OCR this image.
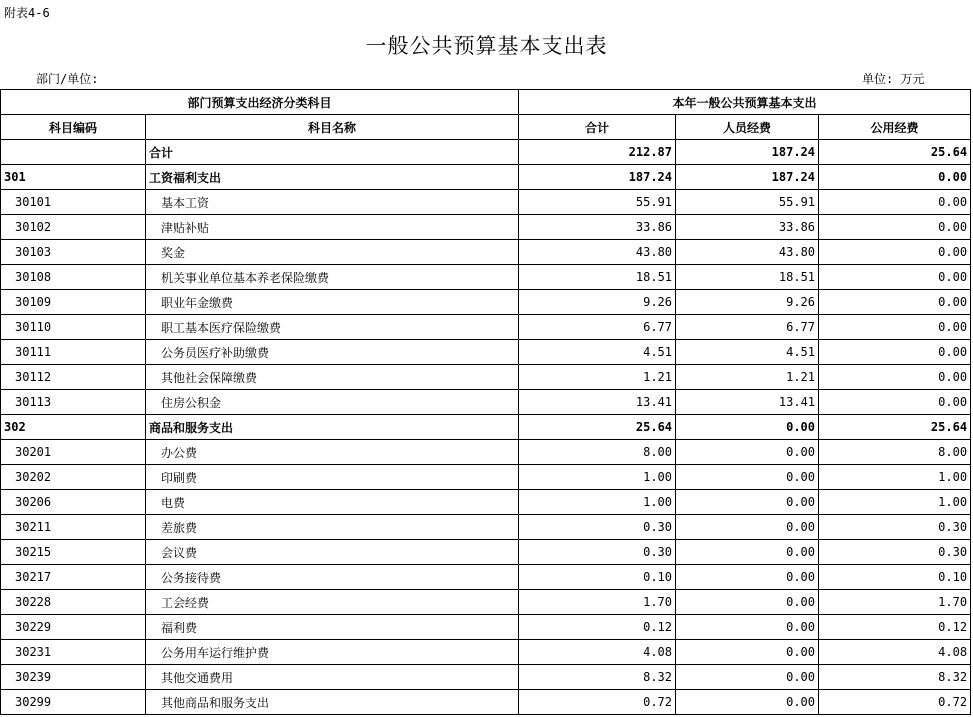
附表4-6
一般公共预算基本支出表
部门/单位:	单位: 万元
部门预算支出经济分类科目		本年一般公共预算基本支出		
科目编码	科目名称	合计	人员经费	公用经费
	合计	212.87	187.24	25.64
301	工资福利支出	187.24	187.24	0.00
30101	基本工资	55.91	55.91	0.00
30102	津贴补贴	33.86	33.86	0.00
30103	奖金	43.80	43.80	0.00
30108	机关事业单位基本养老保险缴费	18.51	18.51	0.00
30109	职业年金缴费	9.26	9.26	0.00
30110	职工基本医疗保险缴费	6.77	6.77	0.00
30111	公务员医疗补助缴费	4.51	4.51	0.00
30112	其他社会保障缴费	1.21	1.21	0.00
30113	住房公积金	13.41	13.41	0.00
302	商品和服务支出	25.64	0.00	25.64
30201	办公费	8.00	0.00	8.00
30202	印刷费	1.00	0.00	1.00
30206	电费	1.00	0.00	1.00
30211	差旅费	0.30	0.00	0.30
30215	会议费	0.30	0.00	0.30
30217	公务接待费	0.10	0.00	0.10
30228	工会经费	1.70	0.00	1.70
30229	福利费	0.12	0.00	0.12
30231	公务用车运行维护费	4.08	0.00	4.08
30239	其他交通费用	8.32	0.00	8.32
30299	其他商品和服务支出	0.72	0.00	0.72
